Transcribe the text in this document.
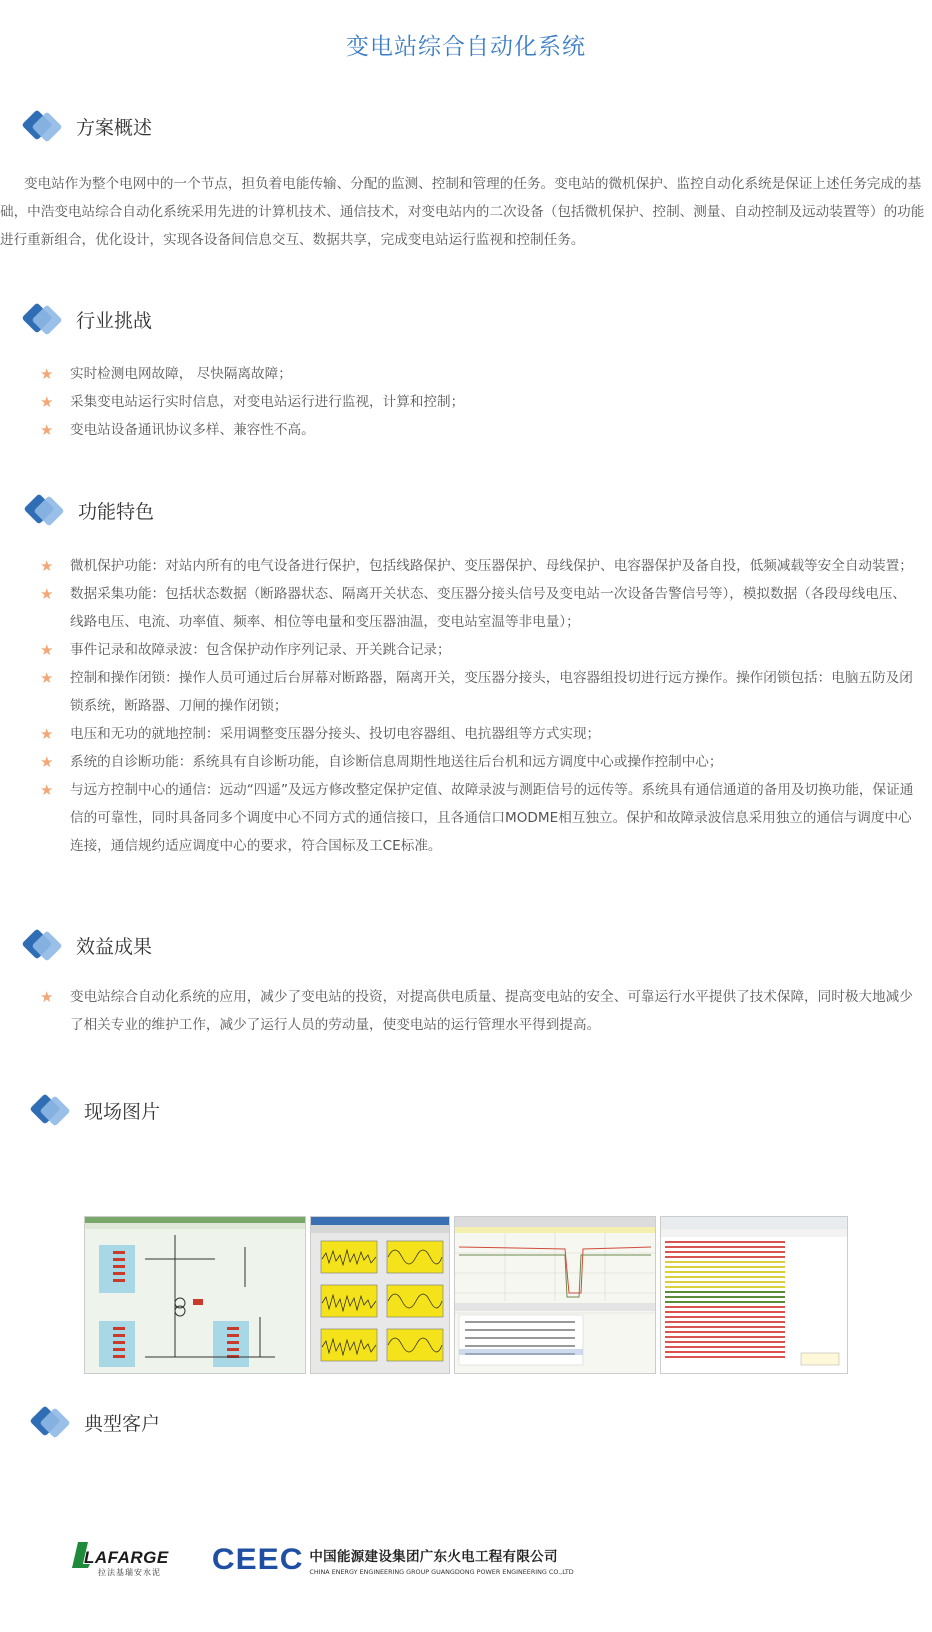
变电站综合自动化系统
方案概述
变电站作为整个电网中的一个节点，担负着电能传输、分配的监测、控制和管理的任务。变电站的微机保护、监控自动化系统是保证上述任务完成的基础，中浩变电站综合自动化系统采用先进的计算机技术、通信技术，对变电站内的二次设备（包括微机保护、控制、测量、自动控制及远动装置等）的功能进行重新组合，优化设计，实现各设备间信息交互、数据共享，完成变电站运行监视和控制任务。
行业挑战
★ 实时检测电网故障， 尽快隔离故障；
★ 采集变电站运行实时信息，对变电站运行进行监视，计算和控制；
★ 变电站设备通讯协议多样、兼容性不高。
功能特色
★ 微机保护功能：对站内所有的电气设备进行保护，包括线路保护、变压器保护、母线保护、电容器保护及备自投，低频减载等安全自动装置；
★ 数据采集功能：包括状态数据（断路器状态、隔离开关状态、变压器分接头信号及变电站一次设备告警信号等），模拟数据（各段母线电压、线路电压、电流、功率值、频率、相位等电量和变压器油温，变电站室温等非电量）；
★ 事件记录和故障录波：包含保护动作序列记录、开关跳合记录；
★ 控制和操作闭锁：操作人员可通过后台屏幕对断路器，隔离开关，变压器分接头，电容器组投切进行远方操作。操作闭锁包括：电脑五防及闭锁系统，断路器、刀闸的操作闭锁；
★ 电压和无功的就地控制：采用调整变压器分接头、投切电容器组、电抗器组等方式实现；
★ 系统的自诊断功能：系统具有自诊断功能，自诊断信息周期性地送往后台机和远方调度中心或操作控制中心；
★ 与远方控制中心的通信：远动“四遥”及远方修改整定保护定值、故障录波与测距信号的远传等。系统具有通信通道的备用及切换功能，保证通信的可靠性，同时具备同多个调度中心不同方式的通信接口，且各通信口MODME相互独立。保护和故障录波信息采用独立的通信与调度中心连接，通信规约适应调度中心的要求，符合国标及工CE标准。
效益成果
★ 变电站综合自动化系统的应用，减少了变电站的投资，对提高供电质量、提高变电站的安全、可靠运行水平提供了技术保障，同时极大地减少了相关专业的维护工作，减少了运行人员的劳动量，使变电站的运行管理水平得到提高。
现场图片
典型客户
LAFARGE
拉法基瑞安水泥 CEEC 中国能源建设集团广东火电工程有限公司
CHINA ENERGY ENGINEERING GROUP GUANGDONG POWER ENGINEERING CO.,LTD
